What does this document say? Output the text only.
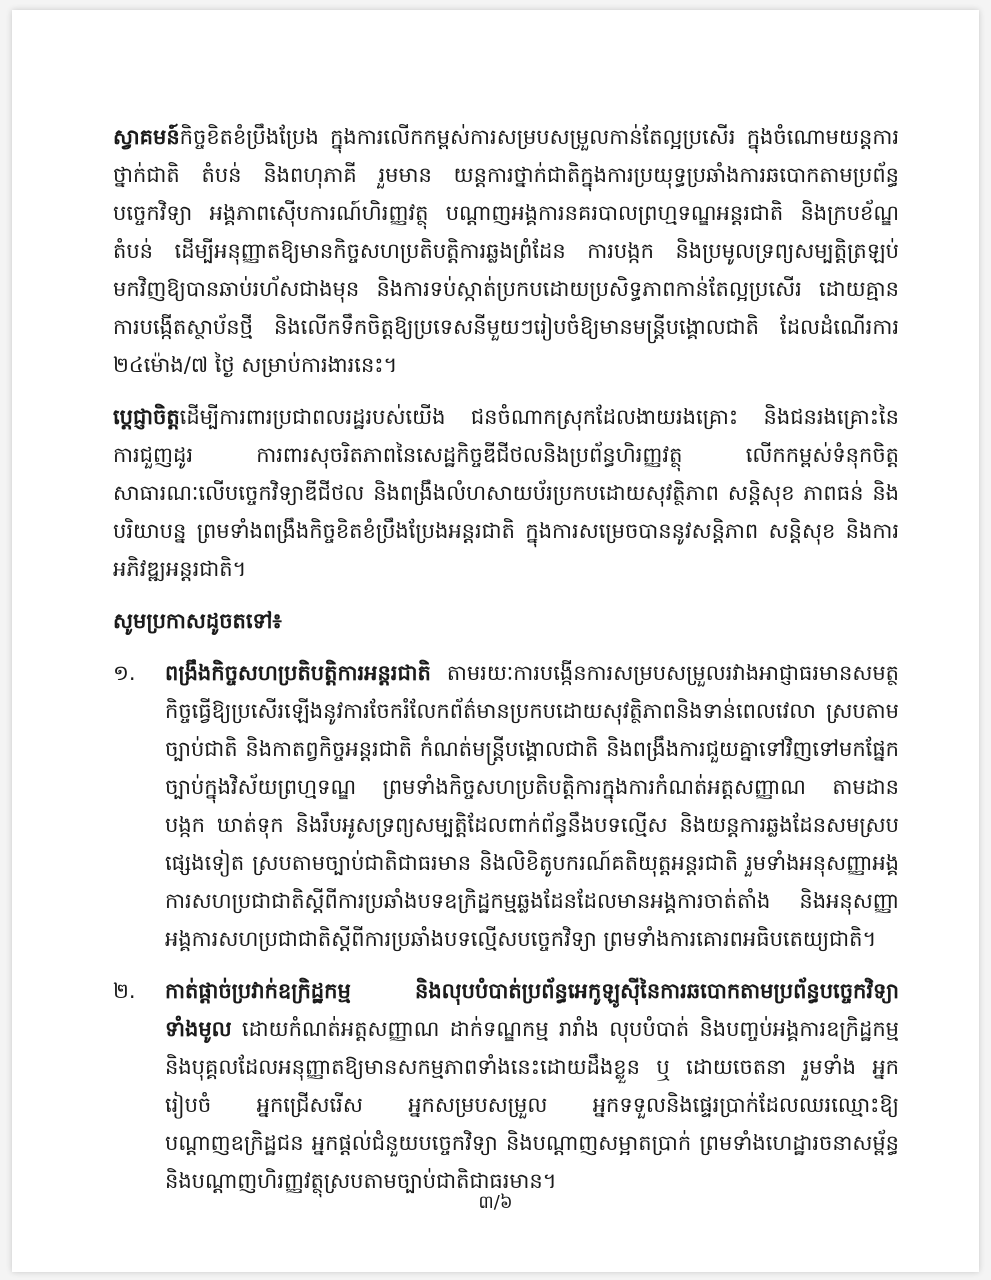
ស្វាគមន៍កិច្ចខិតខំប្រឹងប្រែង ក្នុងការលើកកម្ពស់ការសម្របសម្រួលកាន់តែល្អប្រសើរ ក្នុងចំណោមយន្តការថ្នាក់ជាតិ តំបន់ និងពហុភាគី រួមមាន យន្តការថ្នាក់ជាតិក្នុងការប្រយុទ្ធប្រឆាំងការឆបោកតាមប្រព័ន្ធបច្ចេកវិទ្យា អង្គភាពស៊ើបការណ៍ហិរញ្ញវត្ថុ បណ្តាញអង្គការនគរបាលព្រហ្មទណ្ឌអន្តរជាតិ និងក្របខ័ណ្ឌតំបន់ ដើម្បីអនុញ្ញាតឱ្យមានកិច្ចសហប្រតិបត្តិការឆ្លងព្រំដែន ការបង្កក និងប្រមូលទ្រព្យសម្បត្តិត្រឡប់មកវិញឱ្យបានឆាប់រហ័សជាងមុន និងការទប់ស្កាត់ប្រកបដោយប្រសិទ្ធភាពកាន់តែល្អប្រសើរ ដោយគ្មានការបង្កើតស្ថាប័នថ្មី និងលើកទឹកចិត្តឱ្យប្រទេសនីមួយៗរៀបចំឱ្យមានមន្ត្រីបង្គោលជាតិ ដែលដំណើរការ ២៤ម៉ោង/៧ ថ្ងៃ សម្រាប់ការងារនេះ។

ប្តេជ្ញាចិត្តដើម្បីការពារប្រជាពលរដ្ឋរបស់យើង ជនចំណាកស្រុកដែលងាយរងគ្រោះ និងជនរងគ្រោះនៃការជួញដូរ ការពារសុចរិតភាពនៃសេដ្ឋកិច្ចឌីជីថលនិងប្រព័ន្ធហិរញ្ញវត្ថុ លើកកម្ពស់ទំនុកចិត្តសាធារណៈលើបច្ចេកវិទ្យាឌីជីថល និងពង្រឹងលំហសាយប័រប្រកបដោយសុវត្ថិភាព សន្តិសុខ ភាពធន់ និងបរិយាបន្ន ព្រមទាំងពង្រឹងកិច្ចខិតខំប្រឹងប្រែងអន្តរជាតិ ក្នុងការសម្រេចបាននូវសន្តិភាព សន្តិសុខ និងការអភិវឌ្ឍអន្តរជាតិ។

សូមប្រកាសដូចតទៅ៖

១. ពង្រឹងកិច្ចសហប្រតិបត្តិការអន្តរជាតិ តាមរយៈការបង្កើនការសម្របសម្រួលរវាងអាជ្ញាធរមានសមត្ថកិច្ចធ្វើឱ្យប្រសើរឡើងនូវការចែករំលែកព័ត៌មានប្រកបដោយសុវត្ថិភាពនិងទាន់ពេលវេលា ស្របតាមច្បាប់ជាតិ និងកាតព្វកិច្ចអន្តរជាតិ កំណត់មន្ត្រីបង្គោលជាតិ និងពង្រឹងការជួយគ្នាទៅវិញទៅមកផ្នែកច្បាប់ក្នុងវិស័យព្រហ្មទណ្ឌ ព្រមទាំងកិច្ចសហប្រតិបត្តិការក្នុងការកំណត់អត្តសញ្ញាណ តាមដាន បង្កក ឃាត់ទុក និងរឹបអូសទ្រព្យសម្បត្តិដែលពាក់ព័ន្ធនឹងបទល្មើស និងយន្តការឆ្លងដែនសមស្របផ្សេងទៀត ស្របតាមច្បាប់ជាតិជាធរមាន និងលិខិតូបករណ៍គតិយុត្តអន្តរជាតិ រួមទាំងអនុសញ្ញាអង្គការសហប្រជាជាតិស្តីពីការប្រឆាំងបទឧក្រិដ្ឋកម្មឆ្លងដែនដែលមានអង្គការចាត់តាំង និងអនុសញ្ញាអង្គការសហប្រជាជាតិស្តីពីការប្រឆាំងបទល្មើសបច្ចេកវិទ្យា ព្រមទាំងការគោរពអធិបតេយ្យជាតិ។
២. កាត់ផ្តាច់ប្រវាក់ឧក្រិដ្ឋកម្ម និងលុបបំបាត់ប្រព័ន្ធអេកូឡូស៊ីនៃការឆបោកតាមប្រព័ន្ធបច្ចេកវិទ្យាទាំងមូល ដោយកំណត់អត្តសញ្ញាណ ដាក់ទណ្ឌកម្ម រារាំង លុបបំបាត់ និងបញ្ចប់អង្គការឧក្រិដ្ឋកម្ម និងបុគ្គលដែលអនុញ្ញាតឱ្យមានសកម្មភាពទាំងនេះដោយដឹងខ្លួន ឬ ដោយចេតនា រួមទាំង អ្នករៀបចំ អ្នកជ្រើសរើស អ្នកសម្របសម្រួល អ្នកទទួលនិងផ្ទេរប្រាក់ដែលឈរឈ្មោះឱ្យបណ្តាញឧក្រិដ្ឋជន អ្នកផ្តល់ជំនួយបច្ចេកវិទ្យា និងបណ្តាញសម្អាតប្រាក់ ព្រមទាំងហេដ្ឋារចនាសម្ព័ន្ធ និងបណ្តាញហិរញ្ញវត្ថុស្របតាមច្បាប់ជាតិជាធរមាន។
៣/៦
